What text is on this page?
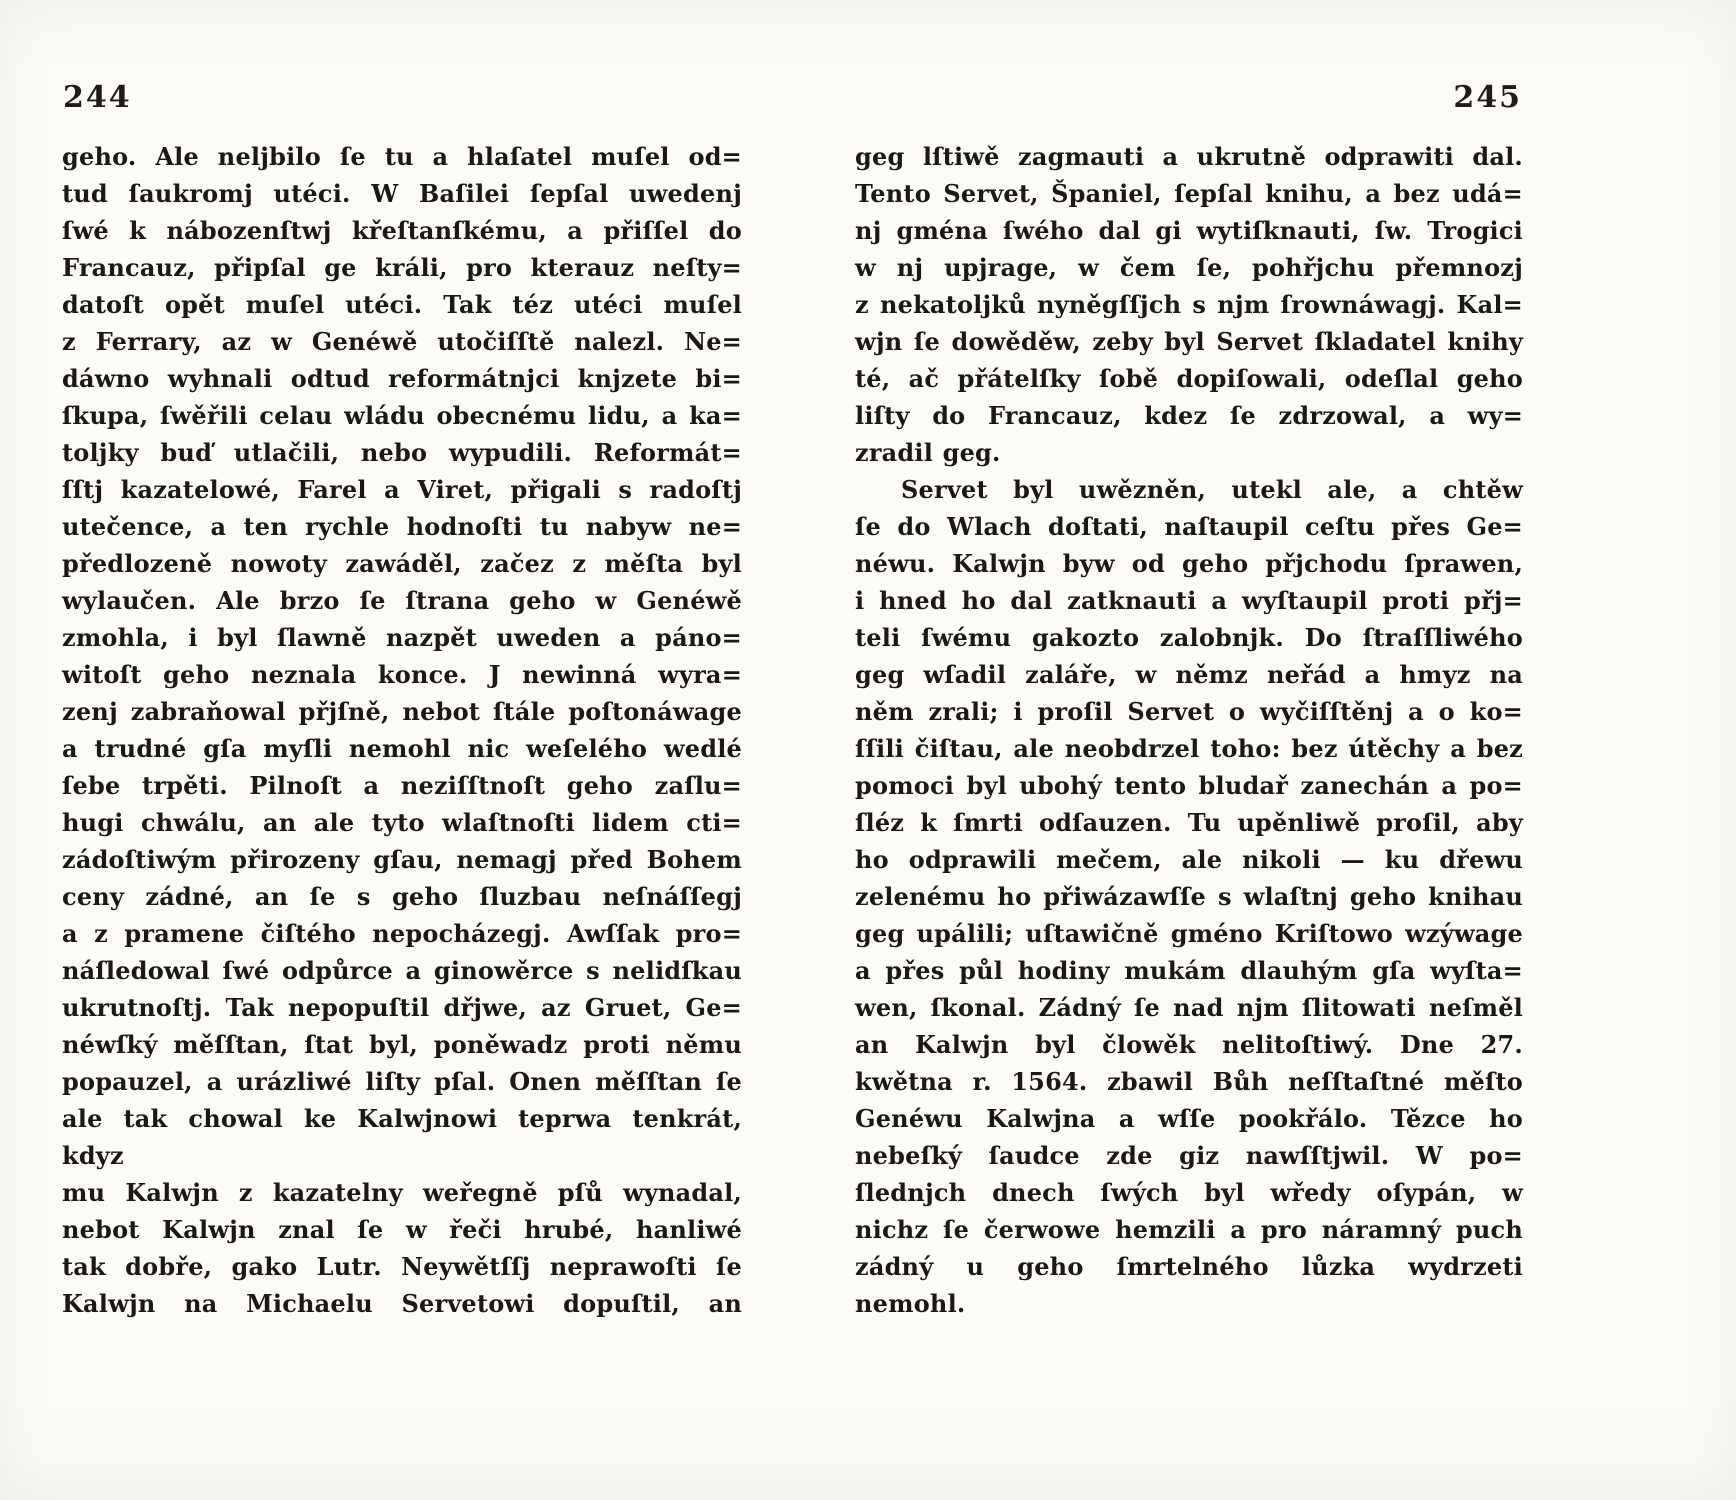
244	245
geho. Ale neljbilo ſe tu a hlaſatel muſel od=
tud ſaukromj utéci. W Baſilei ſepſal uwedenj
ſwé k nábozenſtwj křeſtanſkému, a přiſſel do
Francauz, připſal ge králi, pro kterauz neſty=
datoſt opět muſel utéci. Tak téz utéci muſel
z Ferrary, az w Genéwě utočiſſtě nalezl. Ne=
dáwno wyhnali odtud reformátnjci knjzete bi=
ſkupa, ſwěřili celau wládu obecnému lidu, a ka=
toljky buď utlačili, nebo wypudili. Reformát=
ſſtj kazatelowé, Farel a Viret, přigali s radoſtj
utečence, a ten rychle hodnoſti tu nabyw ne=
předlozeně nowoty zawáděl, začez z měſta byl
wylaučen. Ale brzo ſe ſtrana geho w Genéwě
zmohla, i byl ſlawně nazpět uweden a páno=
witoſt geho neznala konce. J newinná wyra=
zenj zabraňowal přjſně, nebot ſtále poſtonáwage
a trudné gſa myſli nemohl nic weſelého wedlé
ſebe trpěti. Pilnoſt a neziſſtnoſt geho zaſlu=
hugi chwálu, an ale tyto wlaſtnoſti lidem cti=
zádoſtiwým přirozeny gſau, nemagj před Bohem
ceny zádné, an ſe s geho ſluzbau neſnáſſegj
a z pramene čiſtého nepocházegj. Awſſak pro=
náſledowal ſwé odpůrce a ginowěrce s nelidſkau
ukrutnoſtj. Tak nepopuſtil dřjwe, az Gruet, Ge=
néwſký měſſtan, ſtat byl, poněwadz proti němu
popauzel, a urázliwé liſty pſal. Onen měſſtan ſe
ale tak chowal ke Kalwjnowi teprwa tenkrát, kdyz
mu Kalwjn z kazatelny weřegně pſů wynadal,
nebot Kalwjn znal ſe w řeči hrubé, hanliwé
tak dobře, gako Lutr. Neywětſſj neprawoſti ſe
Kalwjn na Michaelu Servetowi dopuſtil, an
geg lſtiwě zagmauti a ukrutně odprawiti dal.
Tento Servet, Španiel, ſepſal knihu, a bez udá=
nj gména ſwého dal gi wytiſknauti, ſw. Trogici
w nj upjrage, w čem ſe, pohřjchu přemnozj
z nekatoljků nyněgſſjch s njm ſrownáwagj. Kal=
wjn ſe dowěděw, zeby byl Servet ſkladatel knihy
té, ač přátelſky ſobě dopiſowali, odeſlal geho
liſty do Francauz, kdez ſe zdrzowal, a wy=
zradil geg.
Servet byl uwězněn, utekl ale, a chtěw
ſe do Wlach doſtati, naſtaupil ceſtu přes Ge=
néwu. Kalwjn byw od geho přjchodu ſprawen,
i hned ho dal zatknauti a wyſtaupil proti přj=
teli ſwému gakozto zalobnjk. Do ſtraſſliwého
geg wſadil zaláře, w němz neřád a hmyz na
něm zrali; i proſil Servet o wyčiſſtěnj a o ko=
ſſili čiſtau, ale neobdrzel toho: bez útěchy a bez
pomoci byl ubohý tento bludař zanechán a po=
ſléz k ſmrti odſauzen. Tu upěnliwě proſil, aby
ho odprawili mečem, ale nikoli — ku dřewu
zelenému ho přiwázawſſe s wlaſtnj geho knihau
geg upálili; uſtawičně gméno Kriſtowo wzýwage
a přes půl hodiny mukám dlauhým gſa wyſta=
wen, ſkonal. Zádný ſe nad njm ſlitowati neſměl
an Kalwjn byl člowěk nelitoſtiwý. Dne 27.
kwětna r. 1564. zbawil Bůh neſſtaſtné měſto
Genéwu Kalwjna a wſſe pookřálo. Tězce ho
nebeſký ſaudce zde giz nawſſtjwil. W po=
ſlednjch dnech ſwých byl wředy oſypán, w
nichz ſe čerwowe hemzili a pro náramný puch
zádný u geho ſmrtelného lůzka wydrzeti nemohl.
